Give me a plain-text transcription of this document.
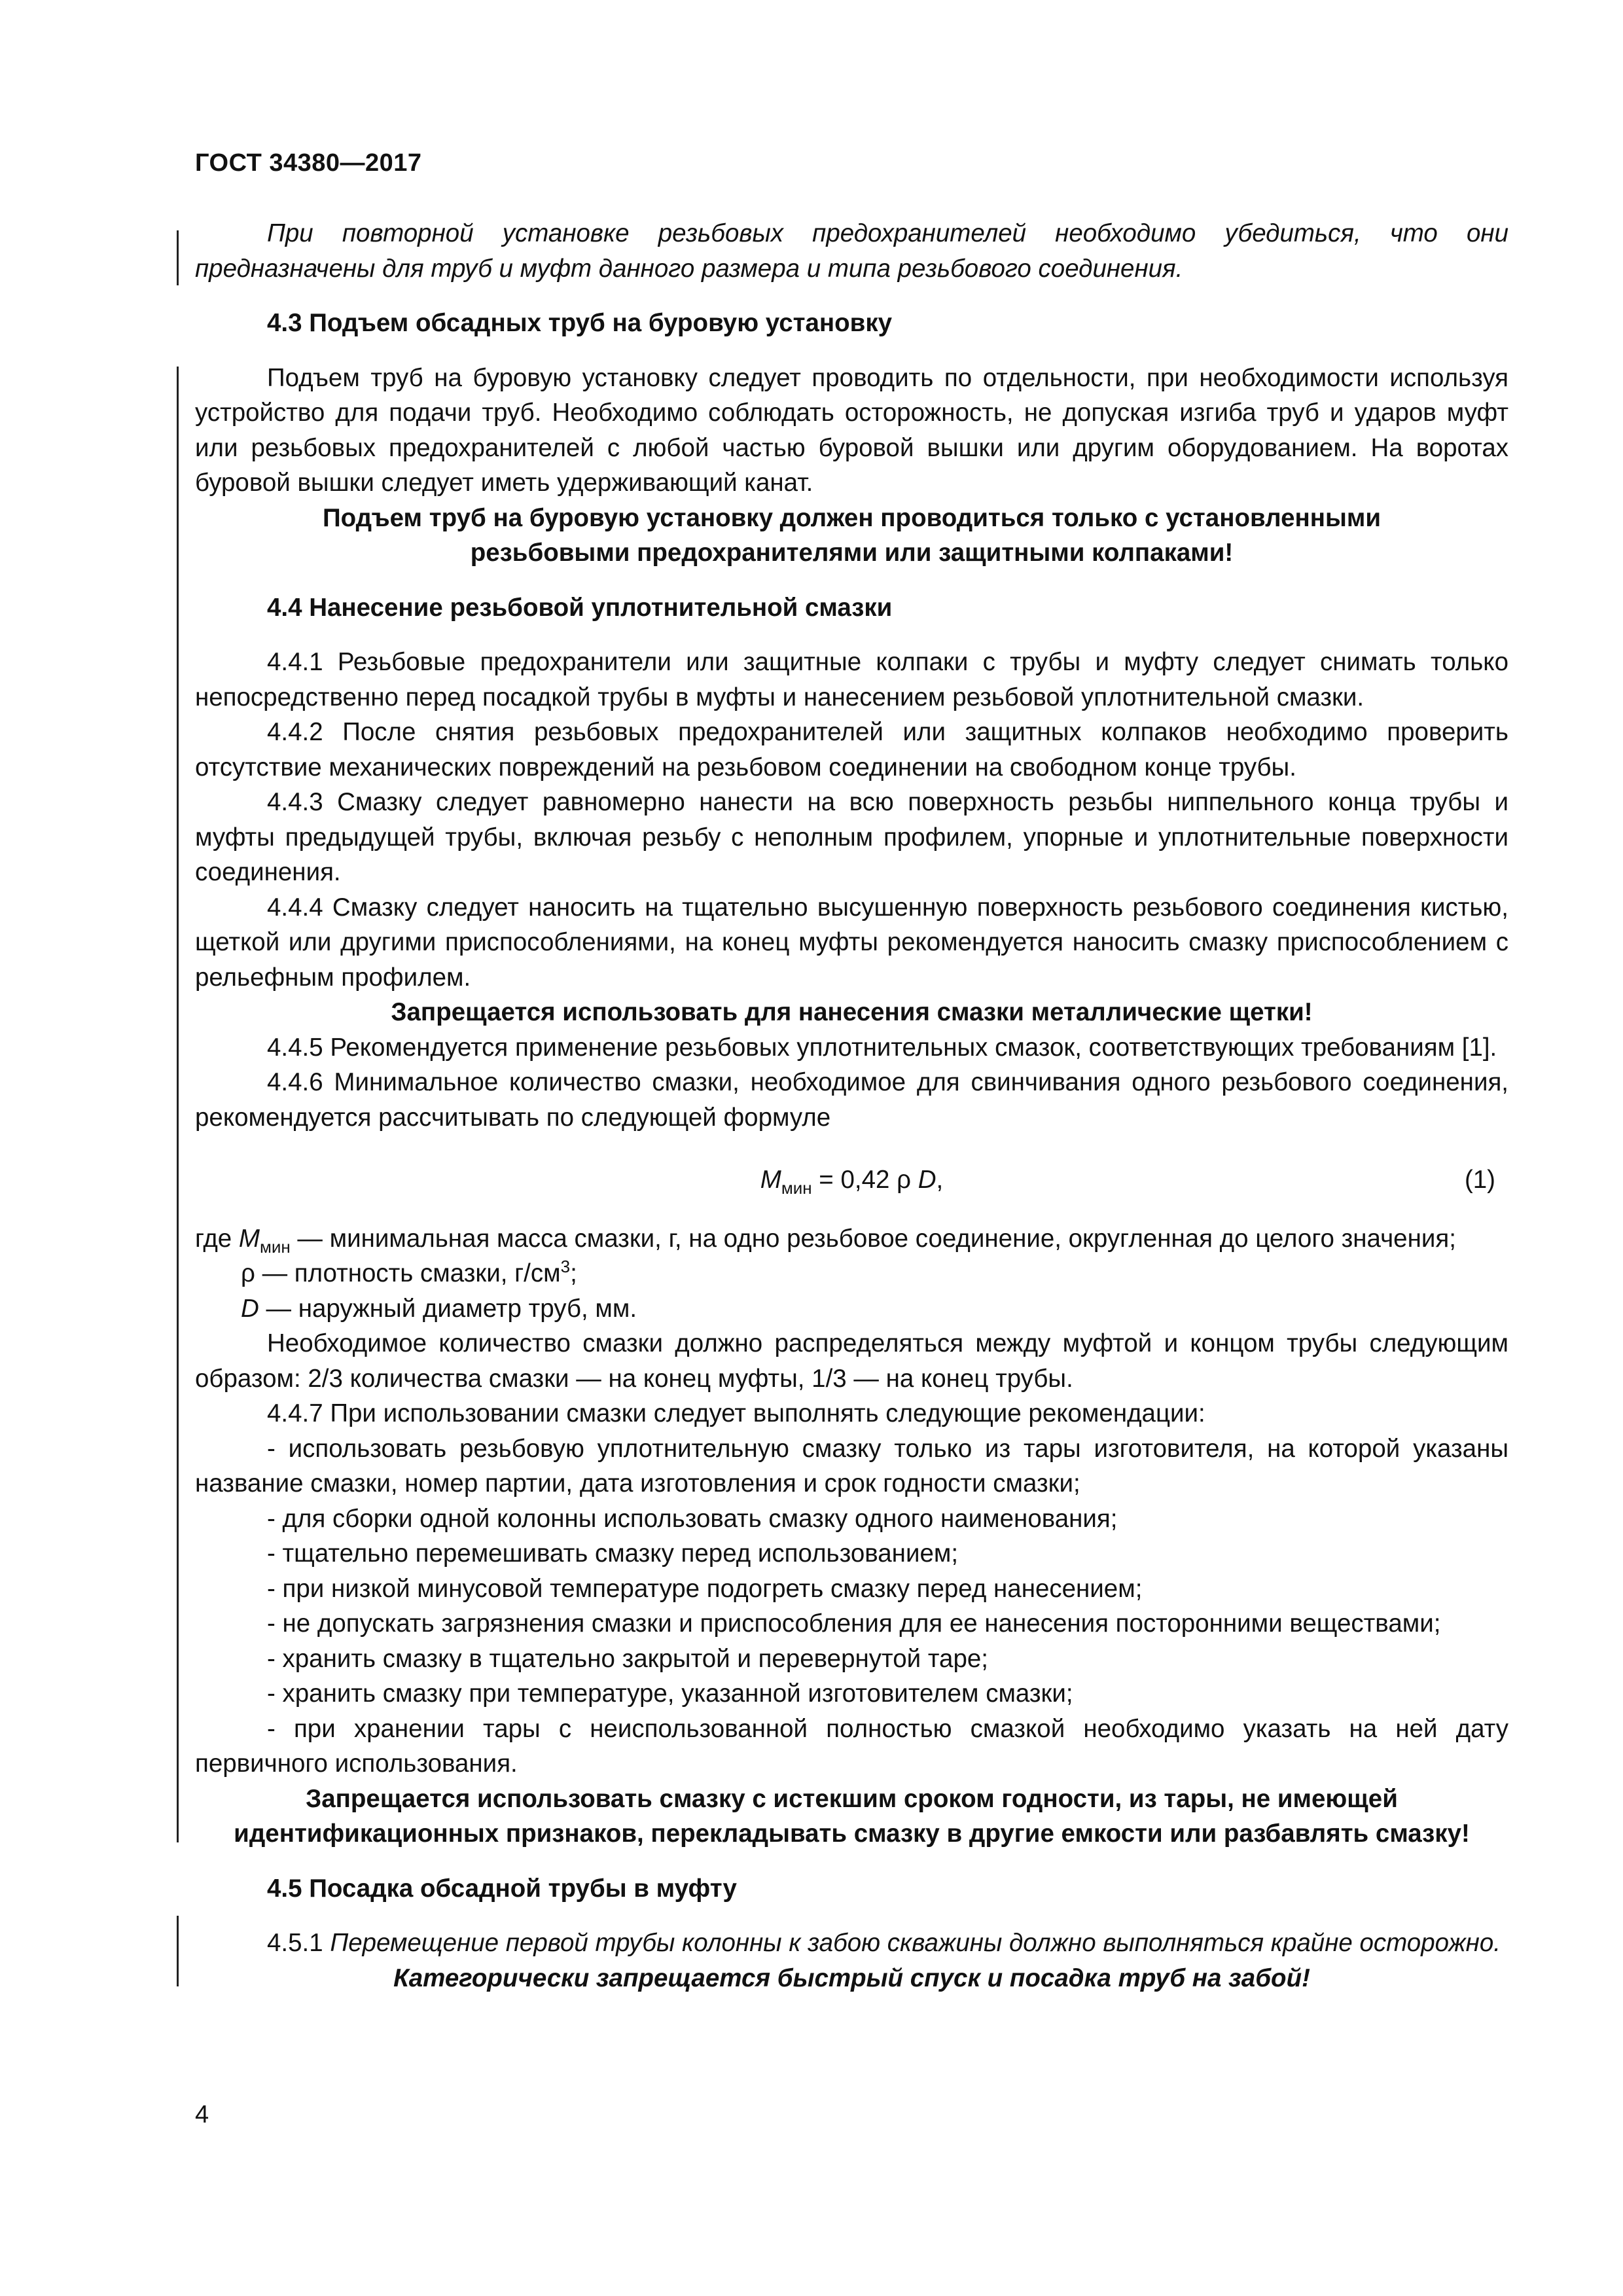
ГОСТ 34380—2017

При повторной установке резьбовых предохранителей необходимо убедиться, что они предназначены для труб и муфт данного размера и типа резьбового соединения.

4.3 Подъем обсадных труб на буровую установку

Подъем труб на буровую установку следует проводить по отдельности, при необходимости используя устройство для подачи труб. Необходимо соблюдать осторожность, не допуская изгиба труб и ударов муфт или резьбовых предохранителей с любой частью буровой вышки или другим оборудованием. На воротах буровой вышки следует иметь удерживающий канат.

Подъем труб на буровую установку должен проводиться только с установленными

резьбовыми предохранителями или защитными колпаками!

4.4 Нанесение резьбовой уплотнительной смазки

4.4.1 Резьбовые предохранители или защитные колпаки с трубы и муфту следует снимать только непосредственно перед посадкой трубы в муфты и нанесением резьбовой уплотнительной смазки.

4.4.2 После снятия резьбовых предохранителей или защитных колпаков необходимо проверить отсутствие механических повреждений на резьбовом соединении на свободном конце трубы.

4.4.3 Смазку следует равномерно нанести на всю поверхность резьбы ниппельного конца трубы и муфты предыдущей трубы, включая резьбу с неполным профилем, упорные и уплотнительные поверхности соединения.

4.4.4 Смазку следует наносить на тщательно высушенную поверхность резьбового соединения кистью, щеткой или другими приспособлениями, на конец муфты рекомендуется наносить смазку приспособлением с рельефным профилем.

Запрещается использовать для нанесения смазки металлические щетки!

4.4.5 Рекомендуется применение резьбовых уплотнительных смазок, соответствующих требованиям [1].

4.4.6 Минимальное количество смазки, необходимое для свинчивания одного резьбового соединения, рекомендуется рассчитывать по следующей формуле

$M_{мин} = 0,42$ ρ D,	(1)

где $M_{мин}$ — минимальная масса смазки, г, на одно резьбовое соединение, округленная до целого значения;

ρ — плотность смазки, $г/см^3$;

D — наружный диаметр труб, мм.

Необходимое количество смазки должно распределяться между муфтой и концом трубы следующим образом: 2/3 количества смазки — на конец муфты, 1/3 — на конец трубы.

4.4.7 При использовании смазки следует выполнять следующие рекомендации:

- использовать резьбовую уплотнительную смазку только из тары изготовителя, на которой указаны название смазки, номер партии, дата изготовления и срок годности смазки;

- для сборки одной колонны использовать смазку одного наименования;

- тщательно перемешивать смазку перед использованием;

- при низкой минусовой температуре подогреть смазку перед нанесением;

- не допускать загрязнения смазки и приспособления для ее нанесения посторонними веществами;

- хранить смазку в тщательно закрытой и перевернутой таре;

- хранить смазку при температуре, указанной изготовителем смазки;

- при хранении тары с неиспользованной полностью смазкой необходимо указать на ней дату первичного использования.

Запрещается использовать смазку с истекшим сроком годности, из тары, не имеющей идентификационных признаков, перекладывать смазку в другие емкости или разбавлять смазку!

4.5 Посадка обсадной трубы в муфту

4.5.1 Перемещение первой трубы колонны к забою скважины должно выполняться крайне осторожно.

Категорически запрещается быстрый спуск и посадка труб на забой!

4
